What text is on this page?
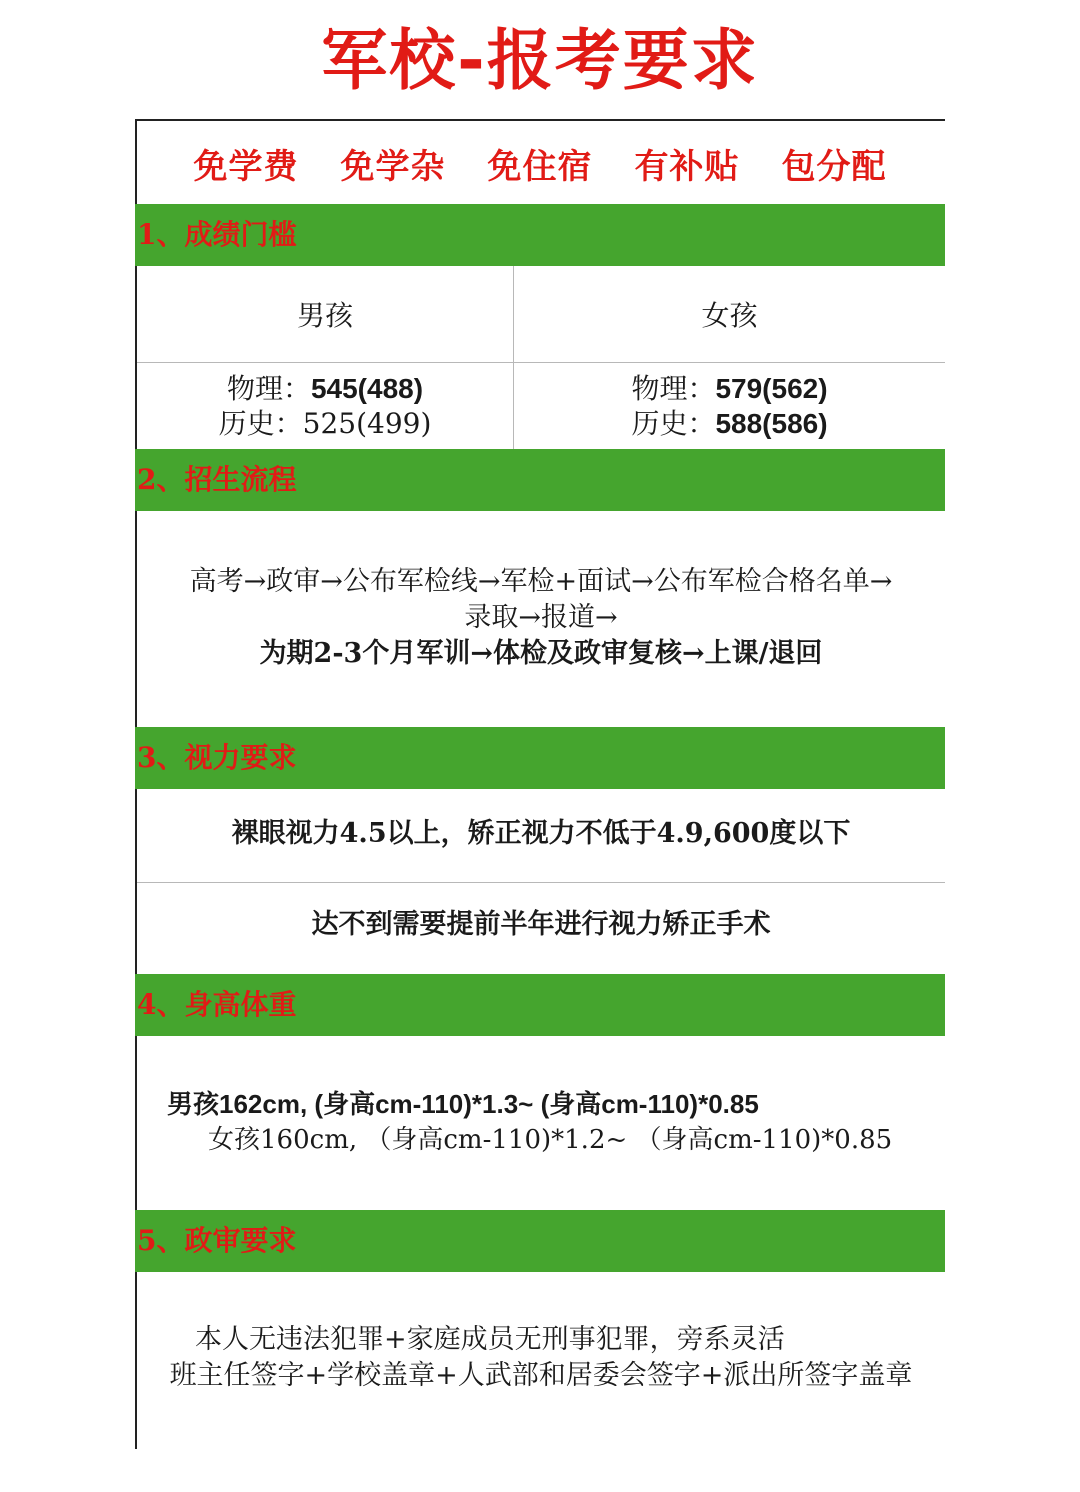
军校-报考要求
免学费 免学杂 免住宿 有补贴 包分配
1、成绩门槛
男孩	女孩
物理：545(488)
历史：525(499)
物理：579(562)
历史：588(586)
2、招生流程
高考→政审→公布军检线→军检+面试→公布军检合格名单→
录取→报道→
为期2-3个月军训→体检及政审复核→上课/退回
3、视力要求
裸眼视力4.5以上，矫正视力不低于4.9,600度以下
达不到需要提前半年进行视力矫正手术
4、身高体重
男孩162cm, (身高cm-110)*1.3~ (身高cm-110)*0.85
女孩160cm, （身高cm-110)*1.2~ （身高cm-110)*0.85
5、政审要求
本人无违法犯罪+家庭成员无刑事犯罪，旁系灵活
班主任签字+学校盖章+人武部和居委会签字+派出所签字盖章
